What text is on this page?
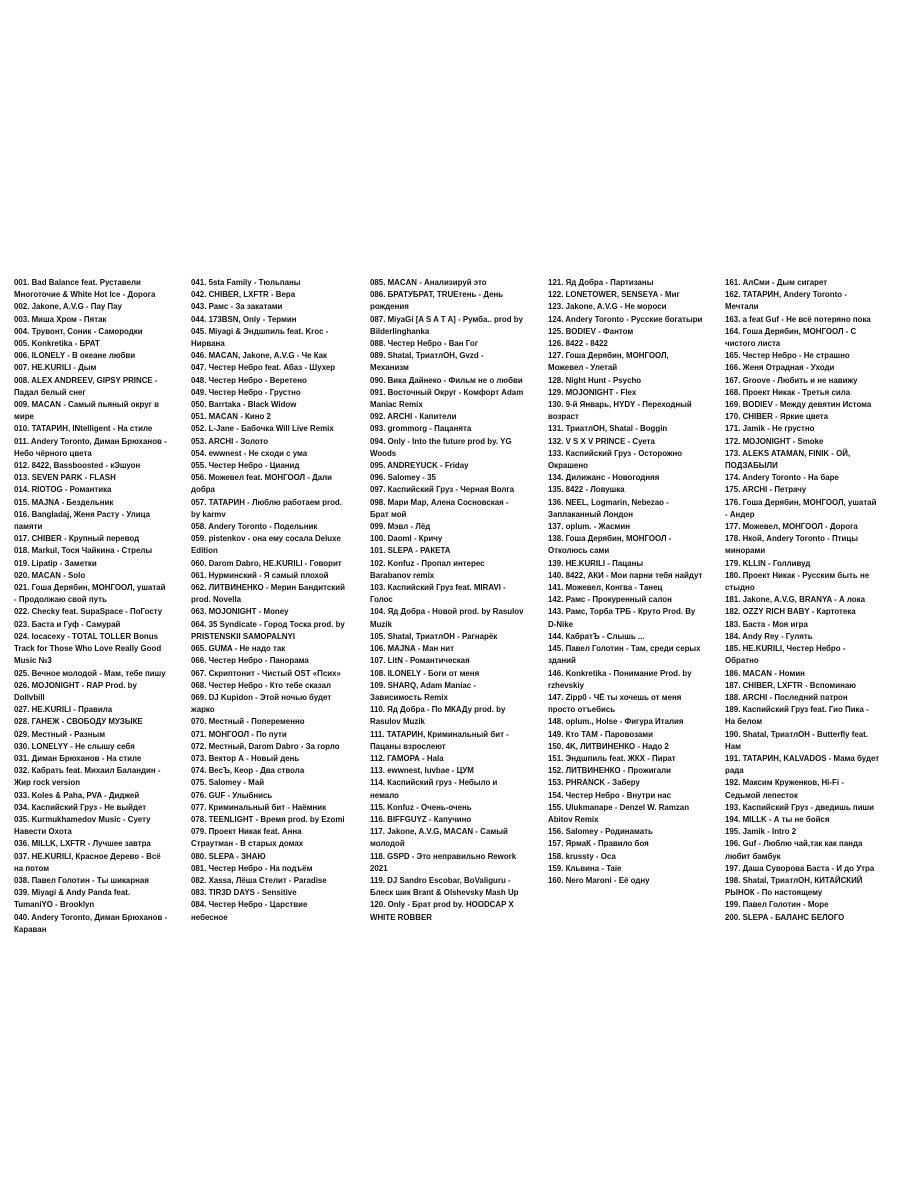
001. Bad Balance feat. Руставели Многоточие & White Hot Ice - Дорога
002. Jakone, A.V.G - Пау Пау
003. Миша Хром - Пятак
004. Трувонт, Соник - Самородки
005. Konkretika - БРАТ
006. ILONELY - В океане любви
007. HE.KURILI - Дым
008. ALEX ANDREEV, GIPSY PRINCE - Падал белый снег
009. MACAN - Самый пьяный округ в мире
010. ТАТАРИН, INtelligent - На стиле
011. Andery Toronto, Диман Брюханов - Небо чёрного цвета
012. 8422, Bassboosted - кЭшуон
013. SEVEN PARK - FLASH
014. RIOTOG - Романтика
015. MAJNA - Бездельник
016. Bangladaj, Женя Расту - Улица памяти
017. CHIBER - Крупный перевод
018. Markul, Тося Чайкина - Стрелы
019. Lipatip - Заметки
020. MACAN - Solo
021. Гоша Дерябин, МОНГООЛ, ушатай - Продолжаю свой путь
022. Checky feat. SupaSpace - ПоГосту
023. Баста и Гуф - Самурай
024. Iocacexy - TOTAL TOLLER Bonus Track for Those Who Love Really Good Music №3
025. Вечное молодой - Мам, тебе пишу
026. MOJONIGHT - RAP Prod. by Dollvbill
027. HE.KURILI - Правила
028. ГАНЕЖ - СВОБОДУ МУЗЫКЕ
029. Местный - Разным
030. LONELYY - Не слышу себя
031. Диман Брюханов - На стиле
032. Кабрать feat. Михаил Баландин - Жир rock version
033. Koles & Paha, PVA - Диджей
034. Каспийский Груз - Не выйдет
035. Kurmukhamedov Music - Суету Навести Охота
036. MILLK, LXFTR - Лучшее завтра
037. HE.KURILI, Красное Дерево - Всё на потом
038. Павел Голотин - Ты шикарная
039. Miyagi & Andy Panda feat. TumaniYO - Brooklyn
040. Andery Toronto, Диман Брюханов - Караван
041. 5sta Family - Тюльпаны
042. CHIBER, LXFTR - Вера
043. Рамс - За закатами
044. 173BSN, Only - Термин
045. Miyagi & Эндшпиль feat. Kroc - Нирвана
046. MACAN, Jakone, A.V.G - Че Как
047. Честер Небро feat. Абаз - Шухер
048. Честер Небро - Веретено
049. Честер Небро - Грустно
050. Barrtaka - Black Widow
051. MACAN - Кино 2
052. L-Jane - Бабочка Will Live Remix
053. ARCHI - Золото
054. ewwnest - Не сходи с ума
055. Честер Небро - Цианид
056. Можевел feat. МОНГООЛ - Дали добра
057. ТАТАРИН - Люблю работаем prod. by karmv
058. Andery Toronto - Подельник
059. pistenkov - она ему сосала Deluxe Edition
060. Darom Dabro, HE.KURILI - Говорит
061. Нурминский - Я самый плохой
062. ЛИТВИНЕНКО - Мерин Бандитский prod. Novella
063. MOJONIGHT - Money
064. 35 Syndicate - Город Тоска prod. by PRISTENSKII SAMOPALNYI
065. GUMA - Не надо так
066. Честер Небро - Панорама
067. Скриптонит - Чистый OST «Псих»
068. Честер Небро - Кто тебе сказал
069. DJ Kupidon - Этой ночью будет жарко
070. Местный - Попеременно
071. МОНГООЛ - По пути
072. Местный, Darom Dabro - За горло
073. Вектор А - Новый день
074. ВесЪ, Кеор - Два ствола
075. Salomey - Май
076. GUF - Улыбнись
077. Криминальный бит - Наёмник
078. TEENLIGHT - Время prod. by Ezomi
079. Проект Никак feat. Анна Страутман - В старых домах
080. SLEPA - ЗНАЮ
081. Честер Небро - На подъём
082. Xassa, Лёша Стелит - Paradise
083. TIR3D DAYS - Sensitive
084. Честер Небро - Царствие небесное
085. MACAN - Анализируй это
086. БРАТУБРАТ, TRUEтень - День рождения
087. MiyaGi [A S A T A] - Румба.. prod by Bilderlinghanka
088. Честер Небро - Ван Гог
089. Shatal, ТриатлОН, Gvzd - Механизм
090. Вика Дайнеко - Фильм не о любви
091. Восточный Округ - Комфорт Adam Maniac Remix
092. ARCHI - Капители
093. grommorg - Пацанята
094. Only - Into the future prod by. YG Woods
095. ANDREYUCK - Friday
096. Salomey - 35
097. Каспийский Груз - Черная Волга
098. Мари Мар, Алена Сосновская - Брат мой
099. Мэвл - Лёд
100. Daoml - Кричу
101. SLEPA - РАКЕТА
102. Konfuz - Пропал интерес Barabanov remix
103. Каспийский Груз feat. MIRAVI - Голос
104. Яд Добра - Новой prod. by Rasulov Muzik
105. Shatal, ТриатлОН - Рагнарёк
106. MAJNA - Ман нит
107. LitN - Романтическая
108. ILONELY - Боги от меня
109. SHARQ, Adam Maniac - Зависимость Remix
110. Яд Добра - По МКАДу prod. by Rasulov Muzik
111. ТАТАРИН, Криминальный бит - Пацаны взрослеют
112. ГАМОРА - Hala
113. ewwnest, luvbae - ЦУМ
114. Каспийский груз - Небыло и немало
115. Konfuz - Очень-очень
116. BIFFGUYZ - Капучино
117. Jakone, A.V.G, MACAN - Самый молодой
118. GSPD - Это неправильно Rework 2021
119. DJ Sandro Escobar, BoValiguru - Блеск шик Brant & Olshevsky Mash Up
120. Only - Брат prod by. HOODCAP X WHITE ROBBER
121. Яд Добра - Партизаны
122. LONETOWER, SENSEYA - Миг
123. Jakone, A.V.G - Не мороси
124. Andery Toronto - Русские богатыри
125. BODIEV - Фантом
126. 8422 - 8422
127. Гоша Дерябин, МОНГООЛ, Можевел - Улетай
128. Night Hunt - Psycho
129. MOJONIGHT - Flex
130. 9-й Январь, HYDY - Переходный возраст
131. ТриатлОН, Shatal - Boggin
132. V S X V PRINCE - Суета
133. Каспийский Груз - Осторожно Окрашено
134. Дилижанс - Новогодняя
135. 8422 - Ловушка
136. NEEL, Logmarin, Nebezao - Заплаканный Лондон
137. oplum. - Жасмин
138. Гоша Дерябин, МОНГООЛ - Отколюсь сами
139. HE.KURILI - Пацаны
140. 8422, АКИ - Мои парни тебя найдут
141. Можевел, Конгва - Танец
142. Рамс - Прокуренный салон
143. Рамс, Торба ТРБ - Круто Prod. By D-Nike
144. КабратЪ - Слышь ...
145. Павел Голотин - Там, среди серых зданий
146. Konkretika - Понимание Prod. by rzhevskiy
147. Zipp0 - ЧЁ ты хочешь от меня просто отъебись
148. oplum., Holse - Фигура Италия
149. Кто ТАМ - Паровозами
150. 4K, ЛИТВИНЕНКО - Надо 2
151. Эндшпиль feat. ЖКХ - Пират
152. ЛИТВИНЕНКО - Прожигали
153. PHRANCK - Заберу
154. Честер Небро - Внутри нас
155. Ulukmanape - Denzel W. Ramzan Abitov Remix
156. Salomey - Родинамать
157. ЯрмаК - Правило боя
158. krussty - Оса
159. Кльвина - Taie
160. Nero Maroni - Её одну
161. АлСми - Дым сигарет
162. ТАТАРИН, Andery Toronto - Мечтали
163. a feat Guf - Не всё потеряно пока
164. Гоша Дерябин, МОНГООЛ - С чистого листа
165. Честер Небро - Не страшно
166. Женя Отрадная - Уходи
167. Groove - Любить и не навижу
168. Проект Никак - Третья сила
169. BODIEV - Между девятин Истома
170. CHIBER - Яркие цвета
171. Jamik - Не грустно
172. MOJONIGHT - Smoke
173. ALEKS ATAMAN, FINIK - ОЙ, ПОДЗАБЫЛИ
174. Andery Toronto - На баре
175. ARCHI - Петрачу
176. Гоша Дерябин, МОНГООЛ, ушатай - Андер
177. Можевел, МОНГООЛ - Дорога
178. Нкой, Andery Toronto - Птицы минорами
179. KLLIN - Голливуд
180. Проект Никак - Русским быть не стыдно
181. Jakone, A.V.G, BRANYA - А лока
182. OZZY RICH BABY - Картотека
183. Баста - Моя игра
184. Andy Rey - Гулять
185. HE.KURILI, Честер Небро - Обратно
186. MACAN - Номин
187. CHIBER, LXFTR - Вспоминаю
188. ARCHI - Последний патрон
189. Каспийский Груз feat. Гио Пика - На белом
190. Shatal, ТриатлОН - Butterfly feat. Нам
191. ТАТАРИН, KALVADOS - Мама будет рада
192. Максим Круженков, Hi-Fi - Седьмой лепесток
193. Каспийский Груз - дведишь пиши
194. MILLK - А ты не бойся
195. Jamik - Intro 2
196. Guf - Люблю чай,так как панда любит бамбук
197. Даша Суворова Баста - И до Утра
198. Shatal, ТриатлОН, КИТАЙСКИЙ РЫНОК - По настоящему
199. Павел Голотин - Море
200. SLEPA - БАЛАНС БЕЛОГО
